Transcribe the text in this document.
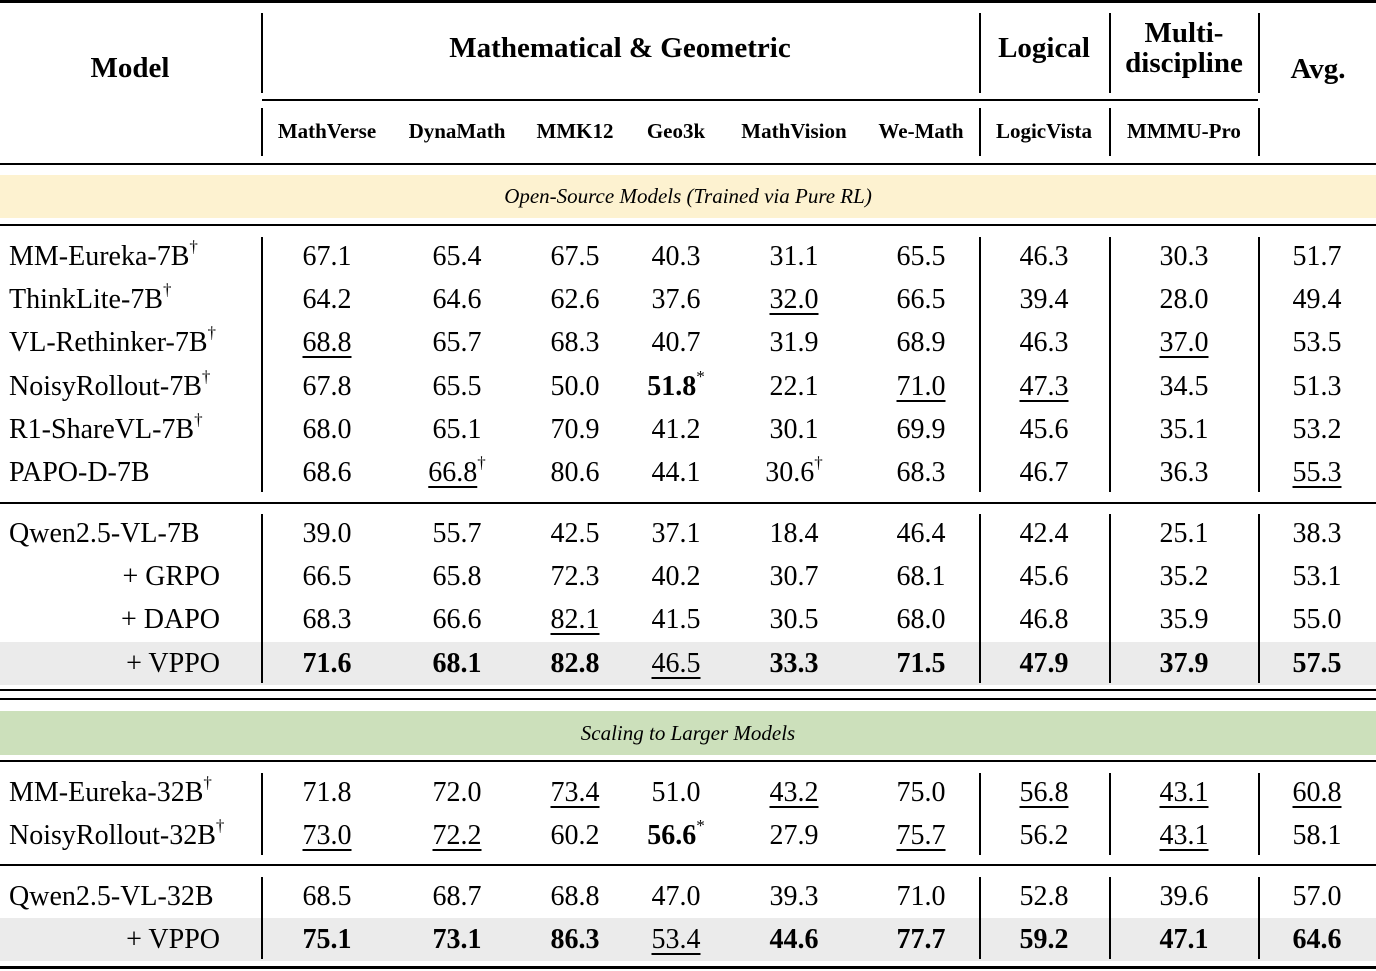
Model
Mathematical & Geometric	Logical	Multi-
discipline	Avg.
MathVerse	DynaMath	MMK12	Geo3k	MathVision	We-Math	LogicVista	MMMU-Pro
Open-Source Models (Trained via Pure RL)
MM-Eureka-7B†	67.1	65.4	67.5	40.3	31.1	65.5	46.3	30.3	51.7
ThinkLite-7B†	64.2	64.6	62.6	37.6	32.0	66.5	39.4	28.0	49.4
VL-Rethinker-7B†	68.8	65.7	68.3	40.7	31.9	68.9	46.3	37.0	53.5
NoisyRollout-7B†	67.8	65.5	50.0	51.8*	22.1	71.0	47.3	34.5	51.3
R1-ShareVL-7B†	68.0	65.1	70.9	41.2	30.1	69.9	45.6	35.1	53.2
PAPO-D-7B	68.6	66.8†	80.6	44.1	30.6†	68.3	46.7	36.3	55.3
Qwen2.5-VL-7B	39.0	55.7	42.5	37.1	18.4	46.4	42.4	25.1	38.3
+ GRPO	66.5	65.8	72.3	40.2	30.7	68.1	45.6	35.2	53.1
+ DAPO	68.3	66.6	82.1	41.5	30.5	68.0	46.8	35.9	55.0
+ VPPO	71.6	68.1	82.8	46.5	33.3	71.5	47.9	37.9	57.5
Scaling to Larger Models
MM-Eureka-32B†	71.8	72.0	73.4	51.0	43.2	75.0	56.8	43.1	60.8
NoisyRollout-32B†	73.0	72.2	60.2	56.6*	27.9	75.7	56.2	43.1	58.1
Qwen2.5-VL-32B	68.5	68.7	68.8	47.0	39.3	71.0	52.8	39.6	57.0
+ VPPO	75.1	73.1	86.3	53.4	44.6	77.7	59.2	47.1	64.6
